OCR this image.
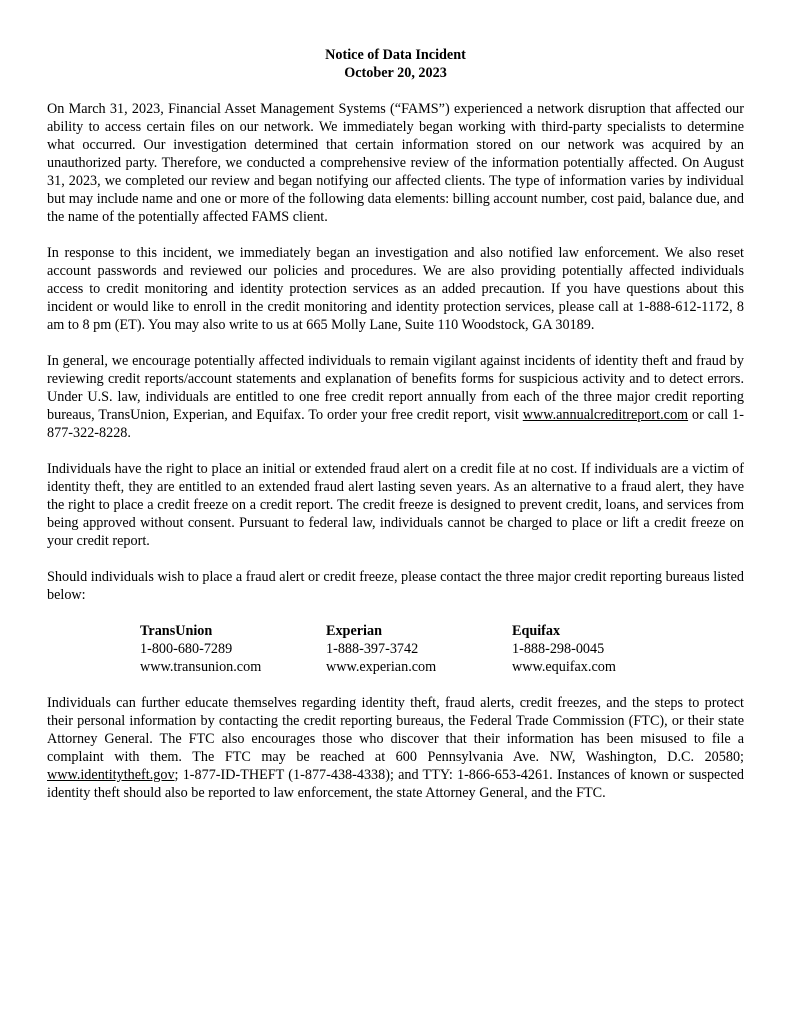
Notice of Data Incident

October 20, 2023

On March 31, 2023, Financial Asset Management Systems (“FAMS”) experienced a network disruption that affected our ability to access certain files on our network. We immediately began working with third-party specialists to determine what occurred. Our investigation determined that certain information stored on our network was acquired by an unauthorized party. Therefore, we conducted a comprehensive review of the information potentially affected. On August 31, 2023, we completed our review and began notifying our affected clients. The type of information varies by individual but may include name and one or more of the following data elements: billing account number, cost paid, balance due, and the name of the potentially affected FAMS client.

In response to this incident, we immediately began an investigation and also notified law enforcement. We also reset account passwords and reviewed our policies and procedures. We are also providing potentially affected individuals access to credit monitoring and identity protection services as an added precaution. If you have questions about this incident or would like to enroll in the credit monitoring and identity protection services, please call at 1-888-612-1172, 8 am to 8 pm (ET). You may also write to us at 665 Molly Lane, Suite 110 Woodstock, GA 30189.

In general, we encourage potentially affected individuals to remain vigilant against incidents of identity theft and fraud by reviewing credit reports/account statements and explanation of benefits forms for suspicious activity and to detect errors. Under U.S. law, individuals are entitled to one free credit report annually from each of the three major credit reporting bureaus, TransUnion, Experian, and Equifax. To order your free credit report, visit www.annualcreditreport.com or call 1-877-322-8228.

Individuals have the right to place an initial or extended fraud alert on a credit file at no cost. If individuals are a victim of identity theft, they are entitled to an extended fraud alert lasting seven years. As an alternative to a fraud alert, they have the right to place a credit freeze on a credit report. The credit freeze is designed to prevent credit, loans, and services from being approved without consent. Pursuant to federal law, individuals cannot be charged to place or lift a credit freeze on your credit report.

Should individuals wish to place a fraud alert or credit freeze, please contact the three major credit reporting bureaus listed below:

TransUnion
1-800-680-7289
www.transunion.com
Experian
1-888-397-3742
www.experian.com
Equifax
1-888-298-0045
www.equifax.com

Individuals can further educate themselves regarding identity theft, fraud alerts, credit freezes, and the steps to protect their personal information by contacting the credit reporting bureaus, the Federal Trade Commission (FTC), or their state Attorney General. The FTC also encourages those who discover that their information has been misused to file a complaint with them. The FTC may be reached at 600 Pennsylvania Ave. NW, Washington, D.C. 20580; www.identitytheft.gov; 1-877-ID-THEFT (1-877-438-4338); and TTY: 1-866-653-4261. Instances of known or suspected identity theft should also be reported to law enforcement, the state Attorney General, and the FTC.
